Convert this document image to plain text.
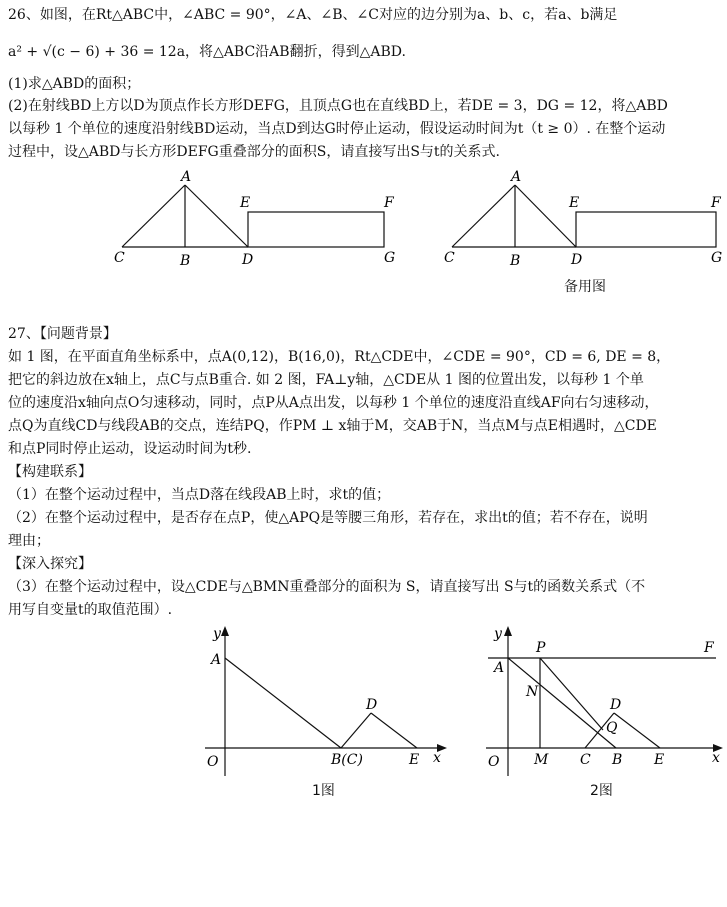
26、如图，在Rt△ABC中，∠ABC = 90°，∠A、∠B、∠C对应的边分别为a、b、c，若a、b满足
a² + √(c − 6) + 36 = 12a，将△ABC沿AB翻折，得到△ABD.
(1)求△ABD的面积；
(2)在射线BD上方以D为顶点作长方形DEFG，且顶点G也在直线BD上，若DE = 3，DG = 12，将△ABD
以每秒 1 个单位的速度沿射线BD运动，当点D到达G时停止运动，假设运动时间为t（t ≥ 0）. 在整个运动
过程中，设△ABD与长方形DEFG重叠部分的面积S，请直接写出S与t的关系式.
A
C	B	D
E	F
G
A
C	B	D
E	F
G
备用图
27、【问题背景】
如 1 图，在平面直角坐标系中，点A(0,12)，B(16,0)，Rt△CDE中，∠CDE = 90°，CD = 6, DE = 8，
把它的斜边放在x轴上，点C与点B重合. 如 2 图，FA⊥y轴，△CDE从 1 图的位置出发，以每秒 1 个单
位的速度沿x轴向点O匀速移动，同时，点P从A点出发，以每秒 1 个单位的速度沿直线AF向右匀速移动，
点Q为直线CD与线段AB的交点，连结PQ，作PM ⊥ x轴于M，交AB于N，当点M与点E相遇时，△CDE
和点P同时停止运动，设运动时间为t秒.
【构建联系】
（1）在整个运动过程中，当点D落在线段AB上时，求t的值；
（2）在整个运动过程中，是否存在点P，使△APQ是等腰三角形，若存在，求出t的值；若不存在，说明
理由；
【深入探究】
（3）在整个运动过程中，设△CDE与△BMN重叠部分的面积为 S，请直接写出 S与t的函数关系式（不
用写自变量t的取值范围）.
y
x
O
A
B(C)
D
E
1图
y
x
O
A
P	F
N
D
Q
M C B E
2图
